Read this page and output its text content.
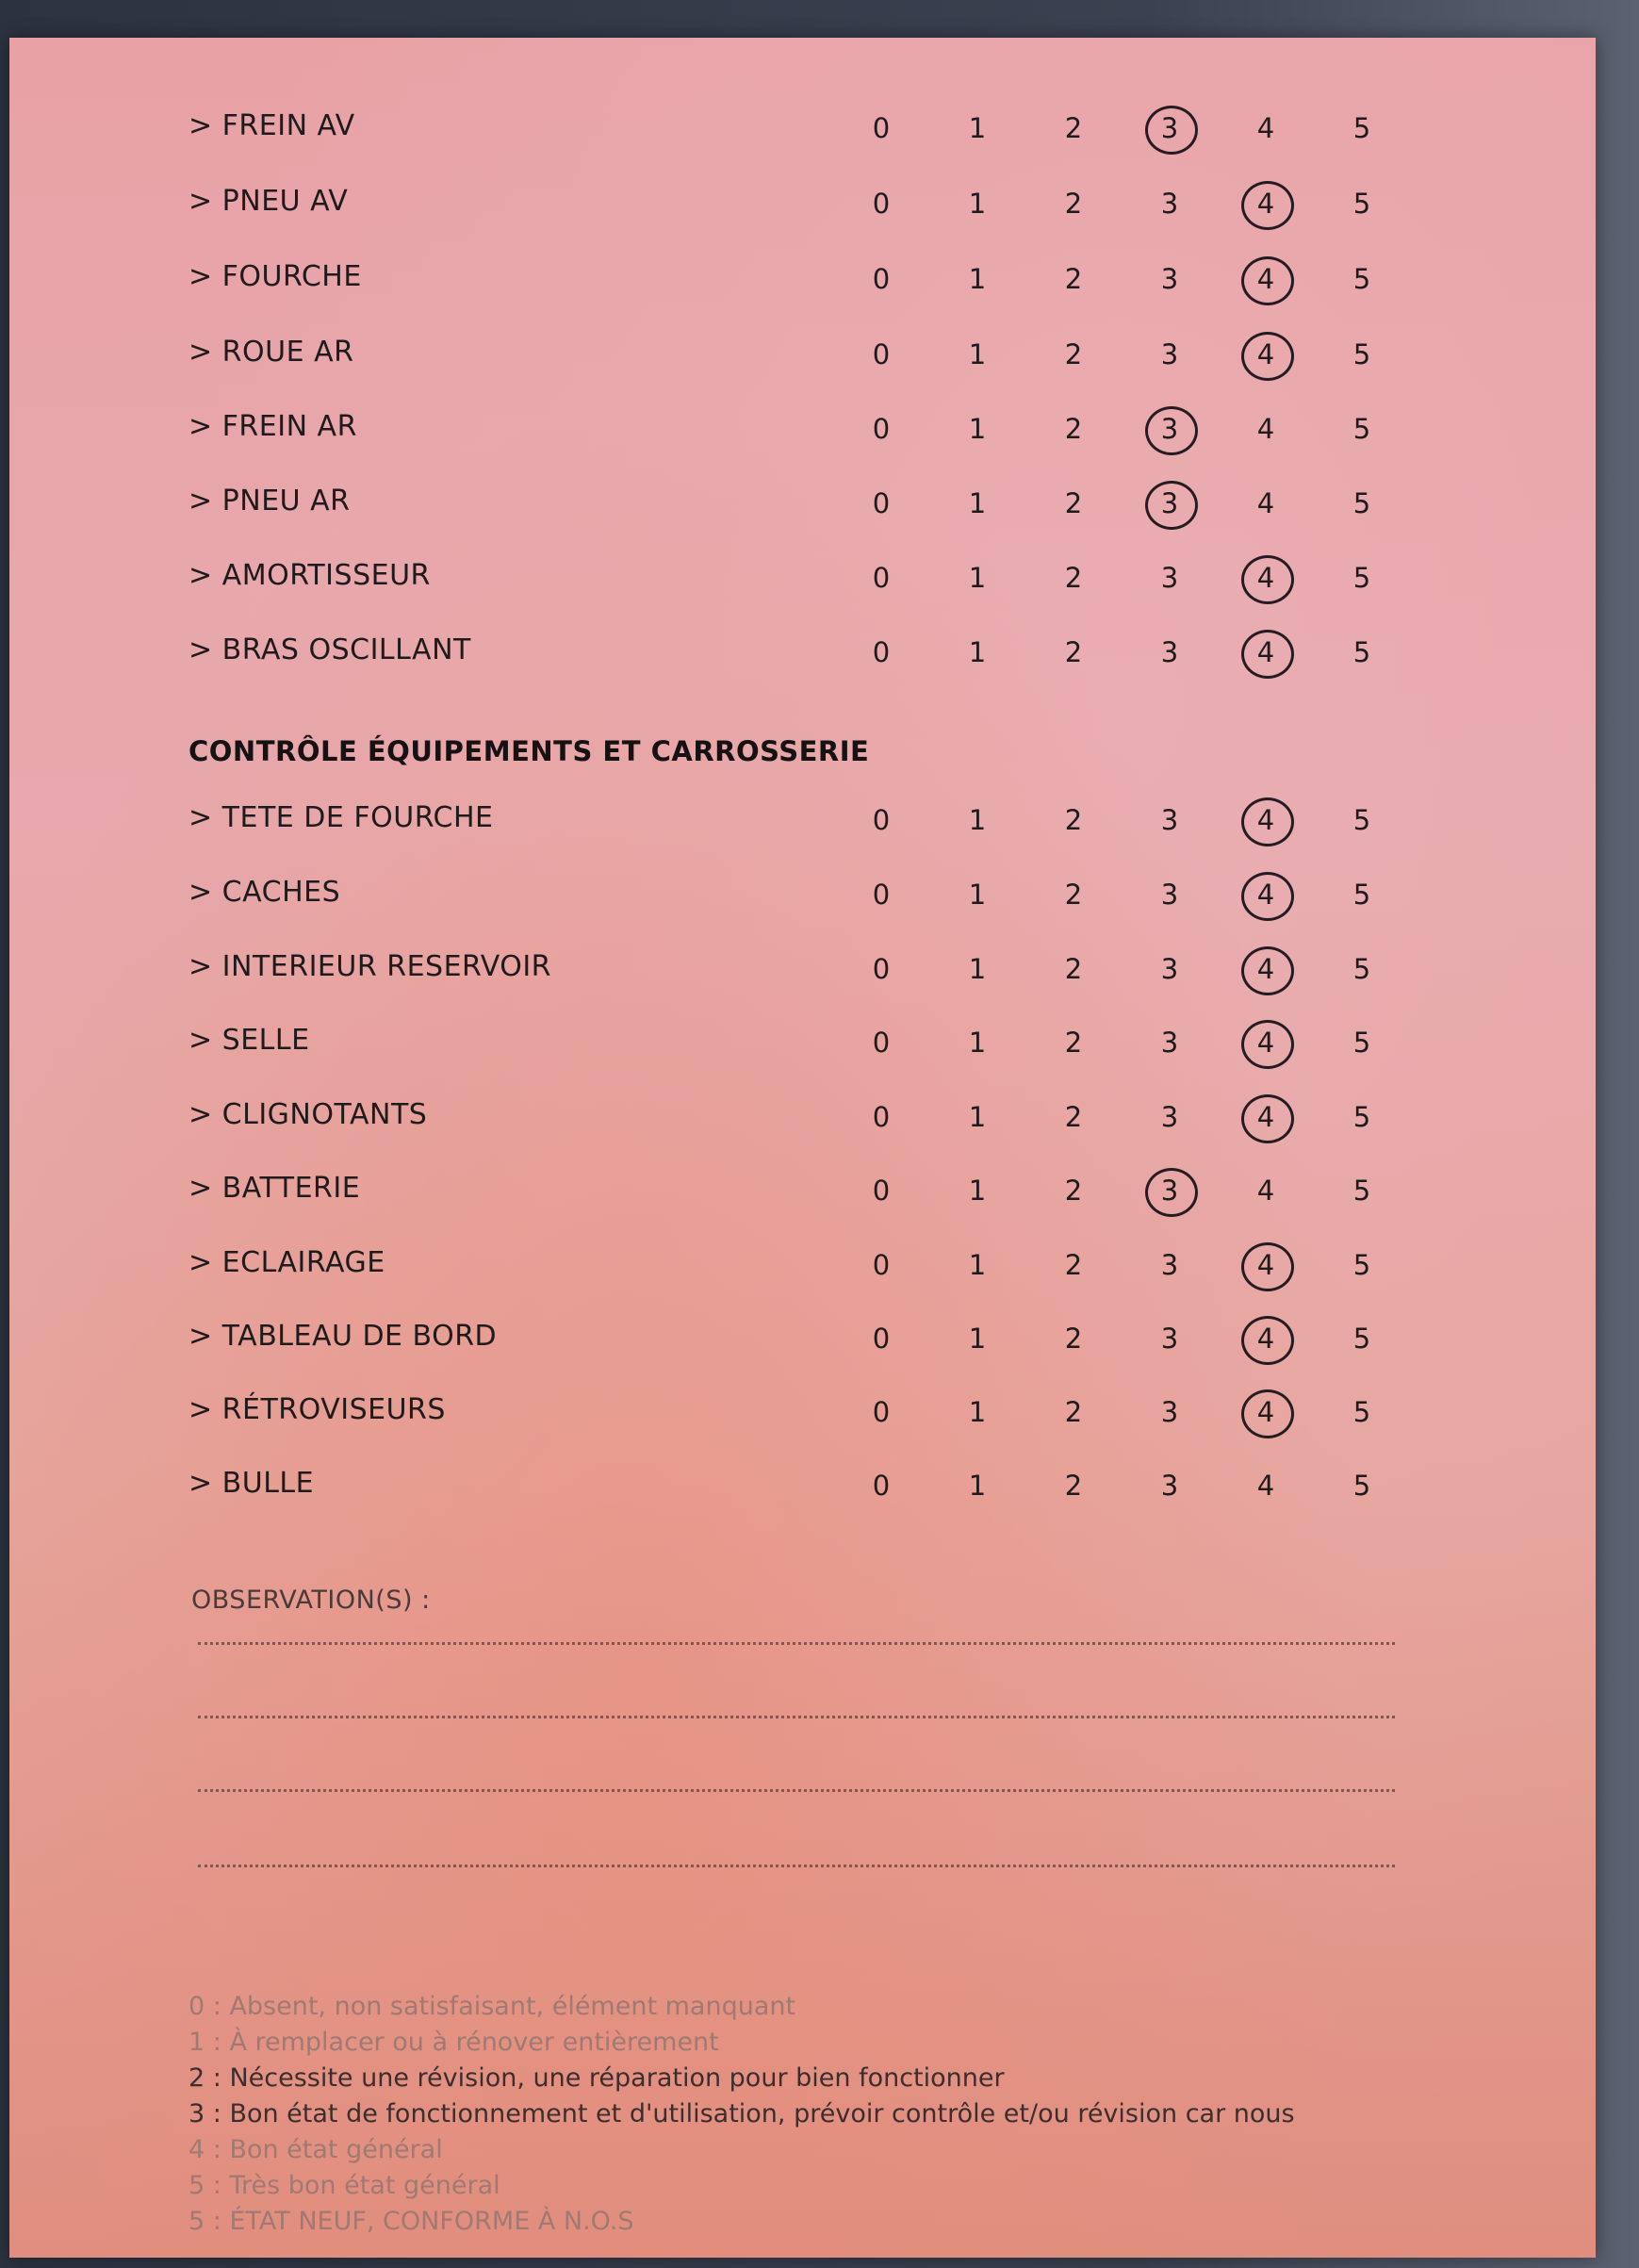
> FREIN AV	0	1	2	3	4	5
> PNEU AV	0	1	2	3	4	5
> FOURCHE	0	1	2	3	4	5
> ROUE AR	0	1	2	3	4	5
> FREIN AR	0	1	2	3	4	5
> PNEU AR	0	1	2	3	4	5
> AMORTISSEUR	0	1	2	3	4	5
> BRAS OSCILLANT	0	1	2	3	4	5
> TETE DE FOURCHE	0	1	2	3	4	5
> CACHES	0	1	2	3	4	5
> INTERIEUR RESERVOIR	0	1	2	3	4	5
> SELLE	0	1	2	3	4	5
> CLIGNOTANTS	0	1	2	3	4	5
> BATTERIE	0	1	2	3	4	5
> ECLAIRAGE	0	1	2	3	4	5
> TABLEAU DE BORD	0	1	2	3	4	5
> RÉTROVISEURS	0	1	2	3	4	5
> BULLE	0	1	2	3	4	5
CONTRÔLE ÉQUIPEMENTS ET CARROSSERIE
OBSERVATION(S) :
0 : Absent, non satisfaisant, élément manquant
1 : À remplacer ou à rénover entièrement
2 : Nécessite une révision, une réparation pour bien fonctionner
3 : Bon état de fonctionnement et d'utilisation, prévoir contrôle et/ou révision car nous
4 : Bon état général
5 : Très bon état général
5 : ÉTAT NEUF, CONFORME À N.O.S
